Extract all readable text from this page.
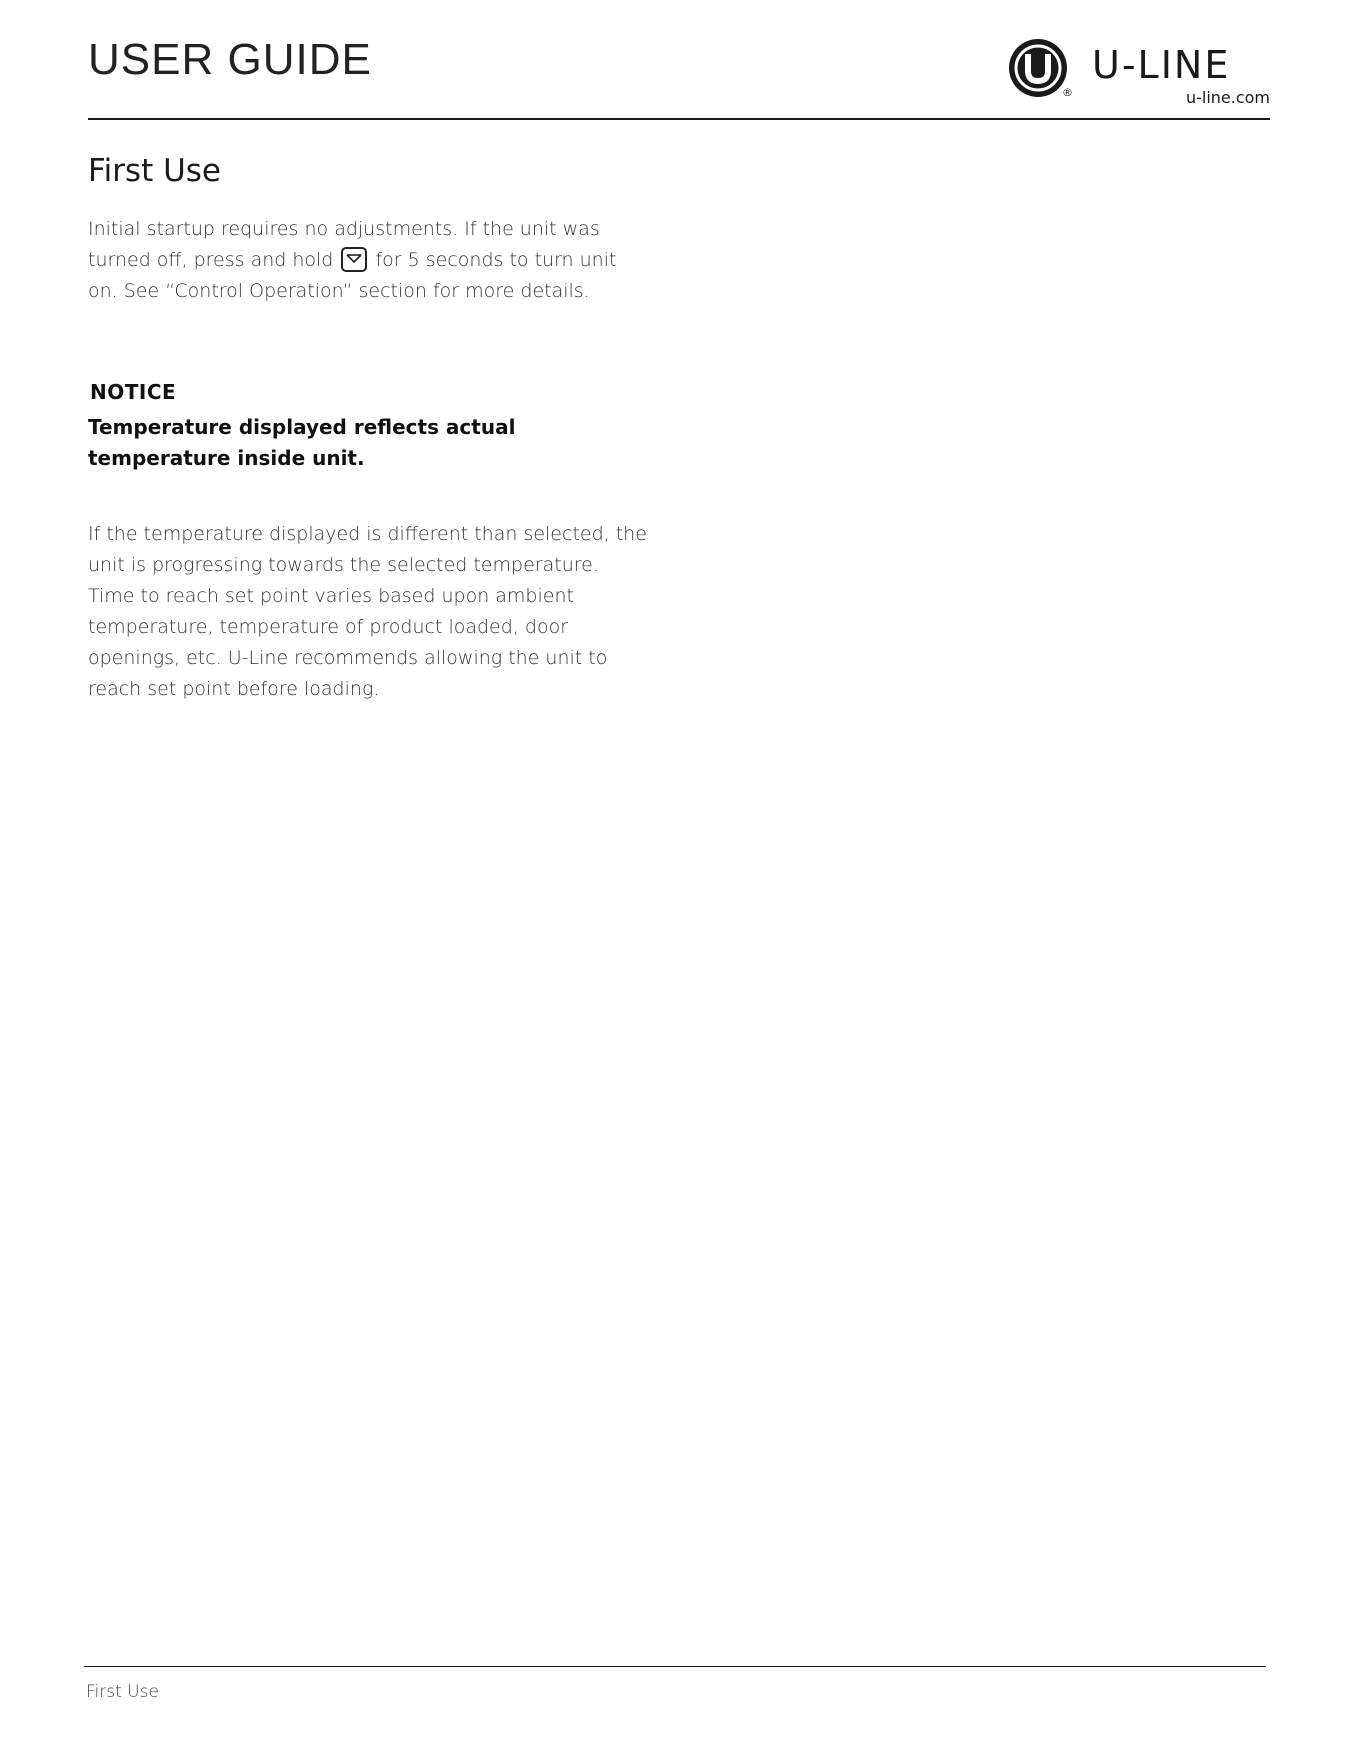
USER GUIDE
®
U-LINE
u-line.com
First Use

Initial startup requires no adjustments. If the unit was turned off, press and hold for 5 seconds to turn unit on. See “Control Operation” section for more details.

NOTICE

Temperature displayed reflects actual temperature inside unit.

If the temperature displayed is different than selected, the unit is progressing towards the selected temperature. Time to reach set point varies based upon ambient temperature, temperature of product loaded, door openings, etc. U-Line recommends allowing the unit to reach set point before loading.

First Use
